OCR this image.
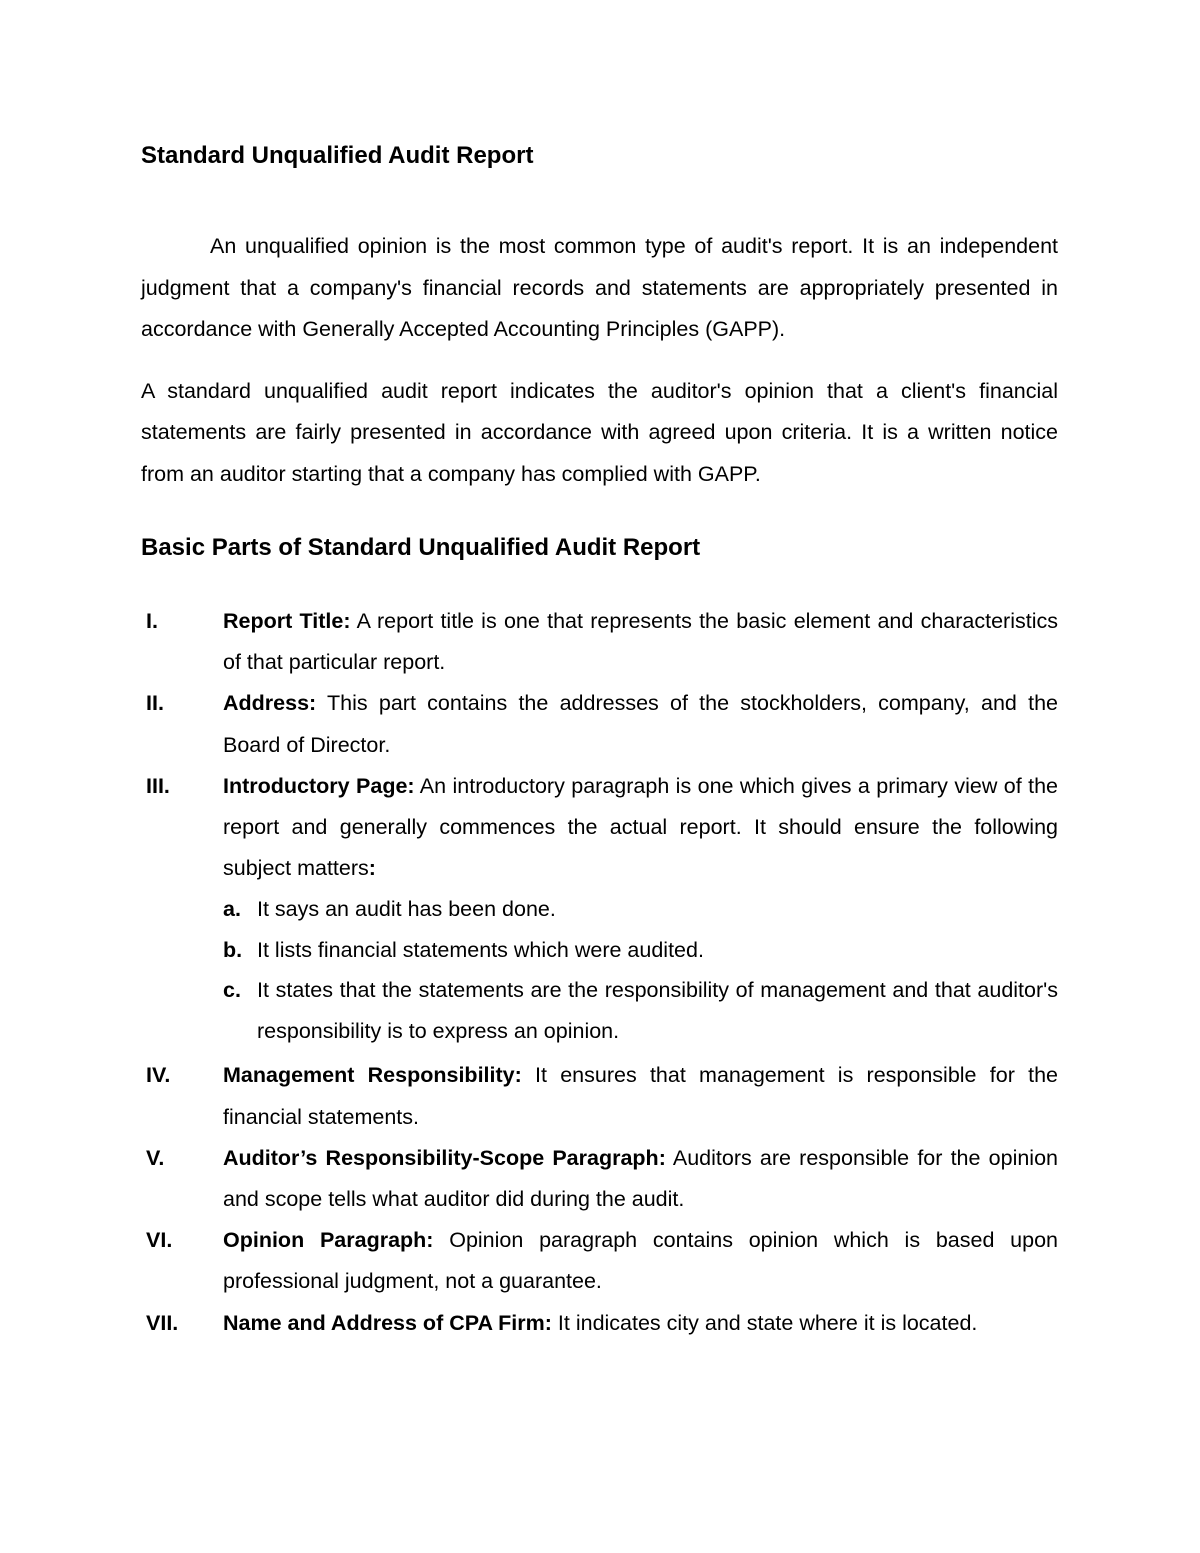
Standard Unqualified Audit Report

An unqualified opinion is the most common type of audit's report. It is an independent judgment that a company's financial records and statements are appropriately presented in accordance with Generally Accepted Accounting Principles (GAPP).

A standard unqualified audit report indicates the auditor's opinion that a client's financial statements are fairly presented in accordance with agreed upon criteria. It is a written notice from an auditor starting that a company has complied with GAPP.

Basic Parts of Standard Unqualified Audit Report
I.	Report Title: A report title is one that represents the basic element and characteristics of that particular report.
II.	Address: This part contains the addresses of the stockholders, company, and the Board of Director.
III. Introductory Page: An introductory paragraph is one which gives a primary view of the report and generally commences the actual report. It should ensure the following subject matters:
a. It says an audit has been done.
b. It lists financial statements which were audited.
c. It states that the statements are the responsibility of management and that auditor's responsibility is to express an opinion.
IV. Management Responsibility: It ensures that management is responsible for the financial statements.
V.	Auditor’s Responsibility-Scope Paragraph: Auditors are responsible for the opinion and scope tells what auditor did during the audit.
VI. Opinion Paragraph: Opinion paragraph contains opinion which is based upon professional judgment, not a guarantee.
VII. Name and Address of CPA Firm: It indicates city and state where it is located.
